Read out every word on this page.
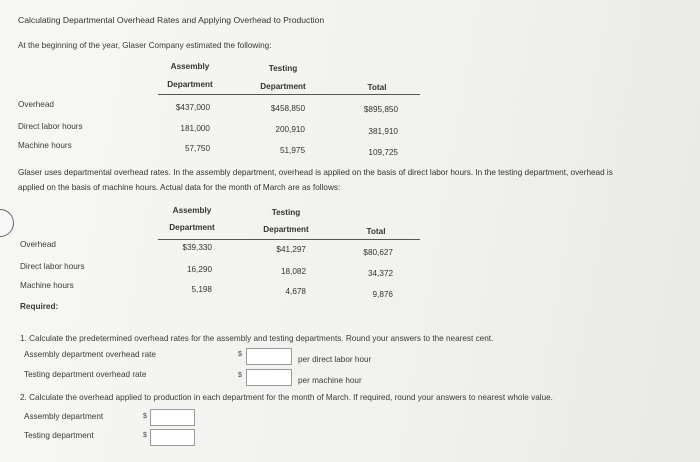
Calculating Departmental Overhead Rates and Applying Overhead to Production
At the beginning of the year, Glaser Company estimated the following:
Assembly
Department
Testing
Department	Total
Overhead	$437,000	$458,850	$895,850
Direct labor hours	181,000	200,910	381,910
Machine hours	57,750	51,975	109,725
Glaser uses departmental overhead rates. In the assembly department, overhead is applied on the basis of direct labor hours. In the testing department, overhead is
applied on the basis of machine hours. Actual data for the month of March are as follows:
Assembly
Department
Testing
Department	Total
Overhead	$39,330	$41,297	$80,627
Direct labor hours	16,290	18,082	34,372
Machine hours	5,198	4,678	9,876
Required:
1. Calculate the predetermined overhead rates for the assembly and testing departments. Round your answers to the nearest cent.
Assembly department overhead rate	$
per direct labor hour
Testing department overhead rate	$
per machine hour
2. Calculate the overhead applied to production in each department for the month of March. If required, round your answers to nearest whole value.
Assembly department	$
Testing department	$
